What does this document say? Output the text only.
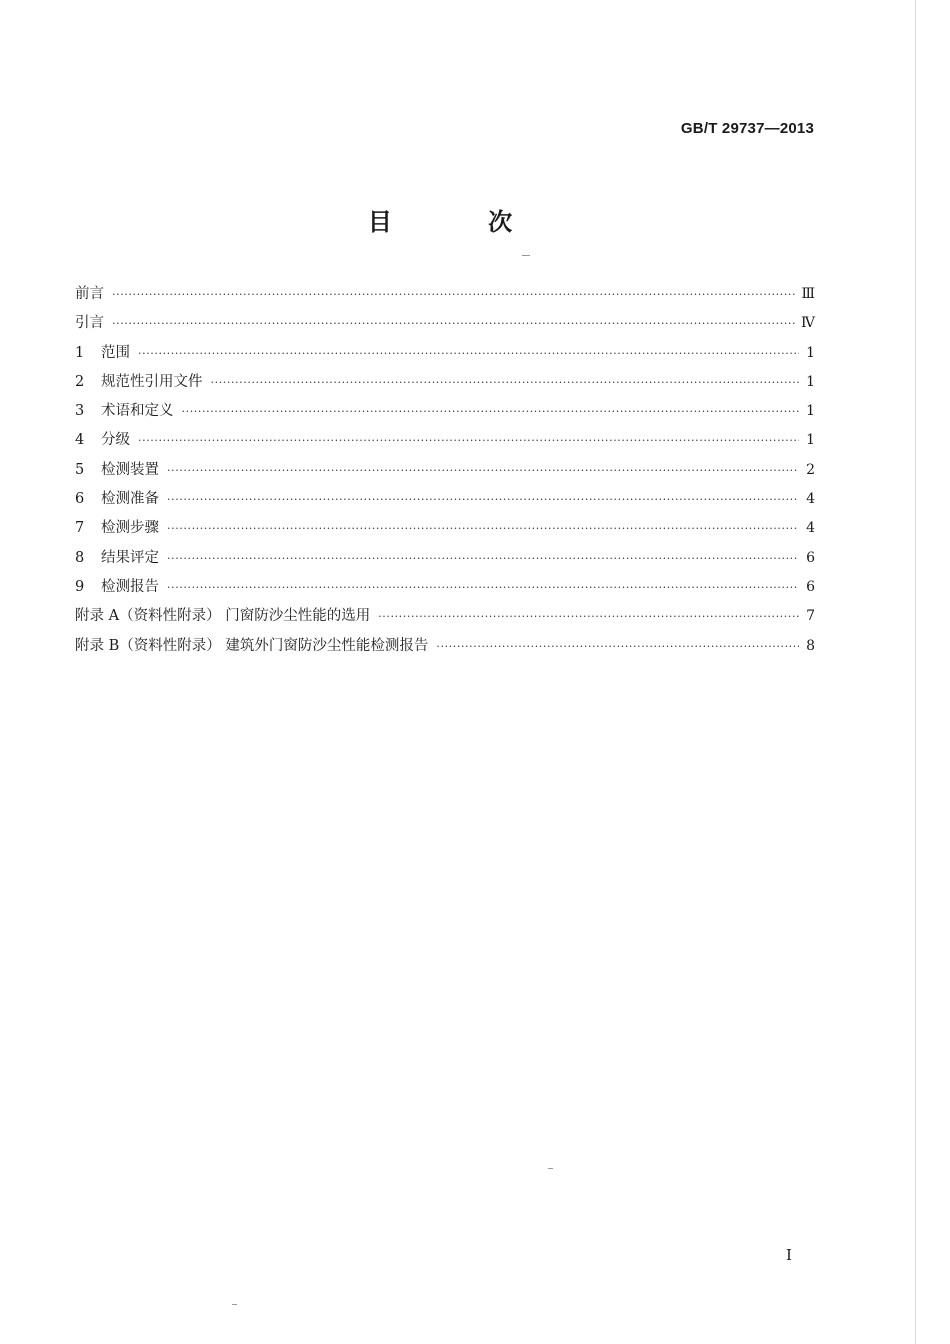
GB/T 29737—2013
目 次
前言 ·····	Ⅲ
引言 ·····	Ⅳ
1	范围 ·····	1
2	规范性引用文件 ·····	1
3	术语和定义 ·····	1
4	分级 ·····	1
5	检测装置 ·····	2
6	检测准备 ·····	4
7	检测步骤 ·····	4
8	结果评定 ·····	6
9	检测报告 ·····	6
附录 A（资料性附录） 门窗防沙尘性能的选用 ·····	7
附录 B（资料性附录） 建筑外门窗防沙尘性能检测报告 ·····	8
I
